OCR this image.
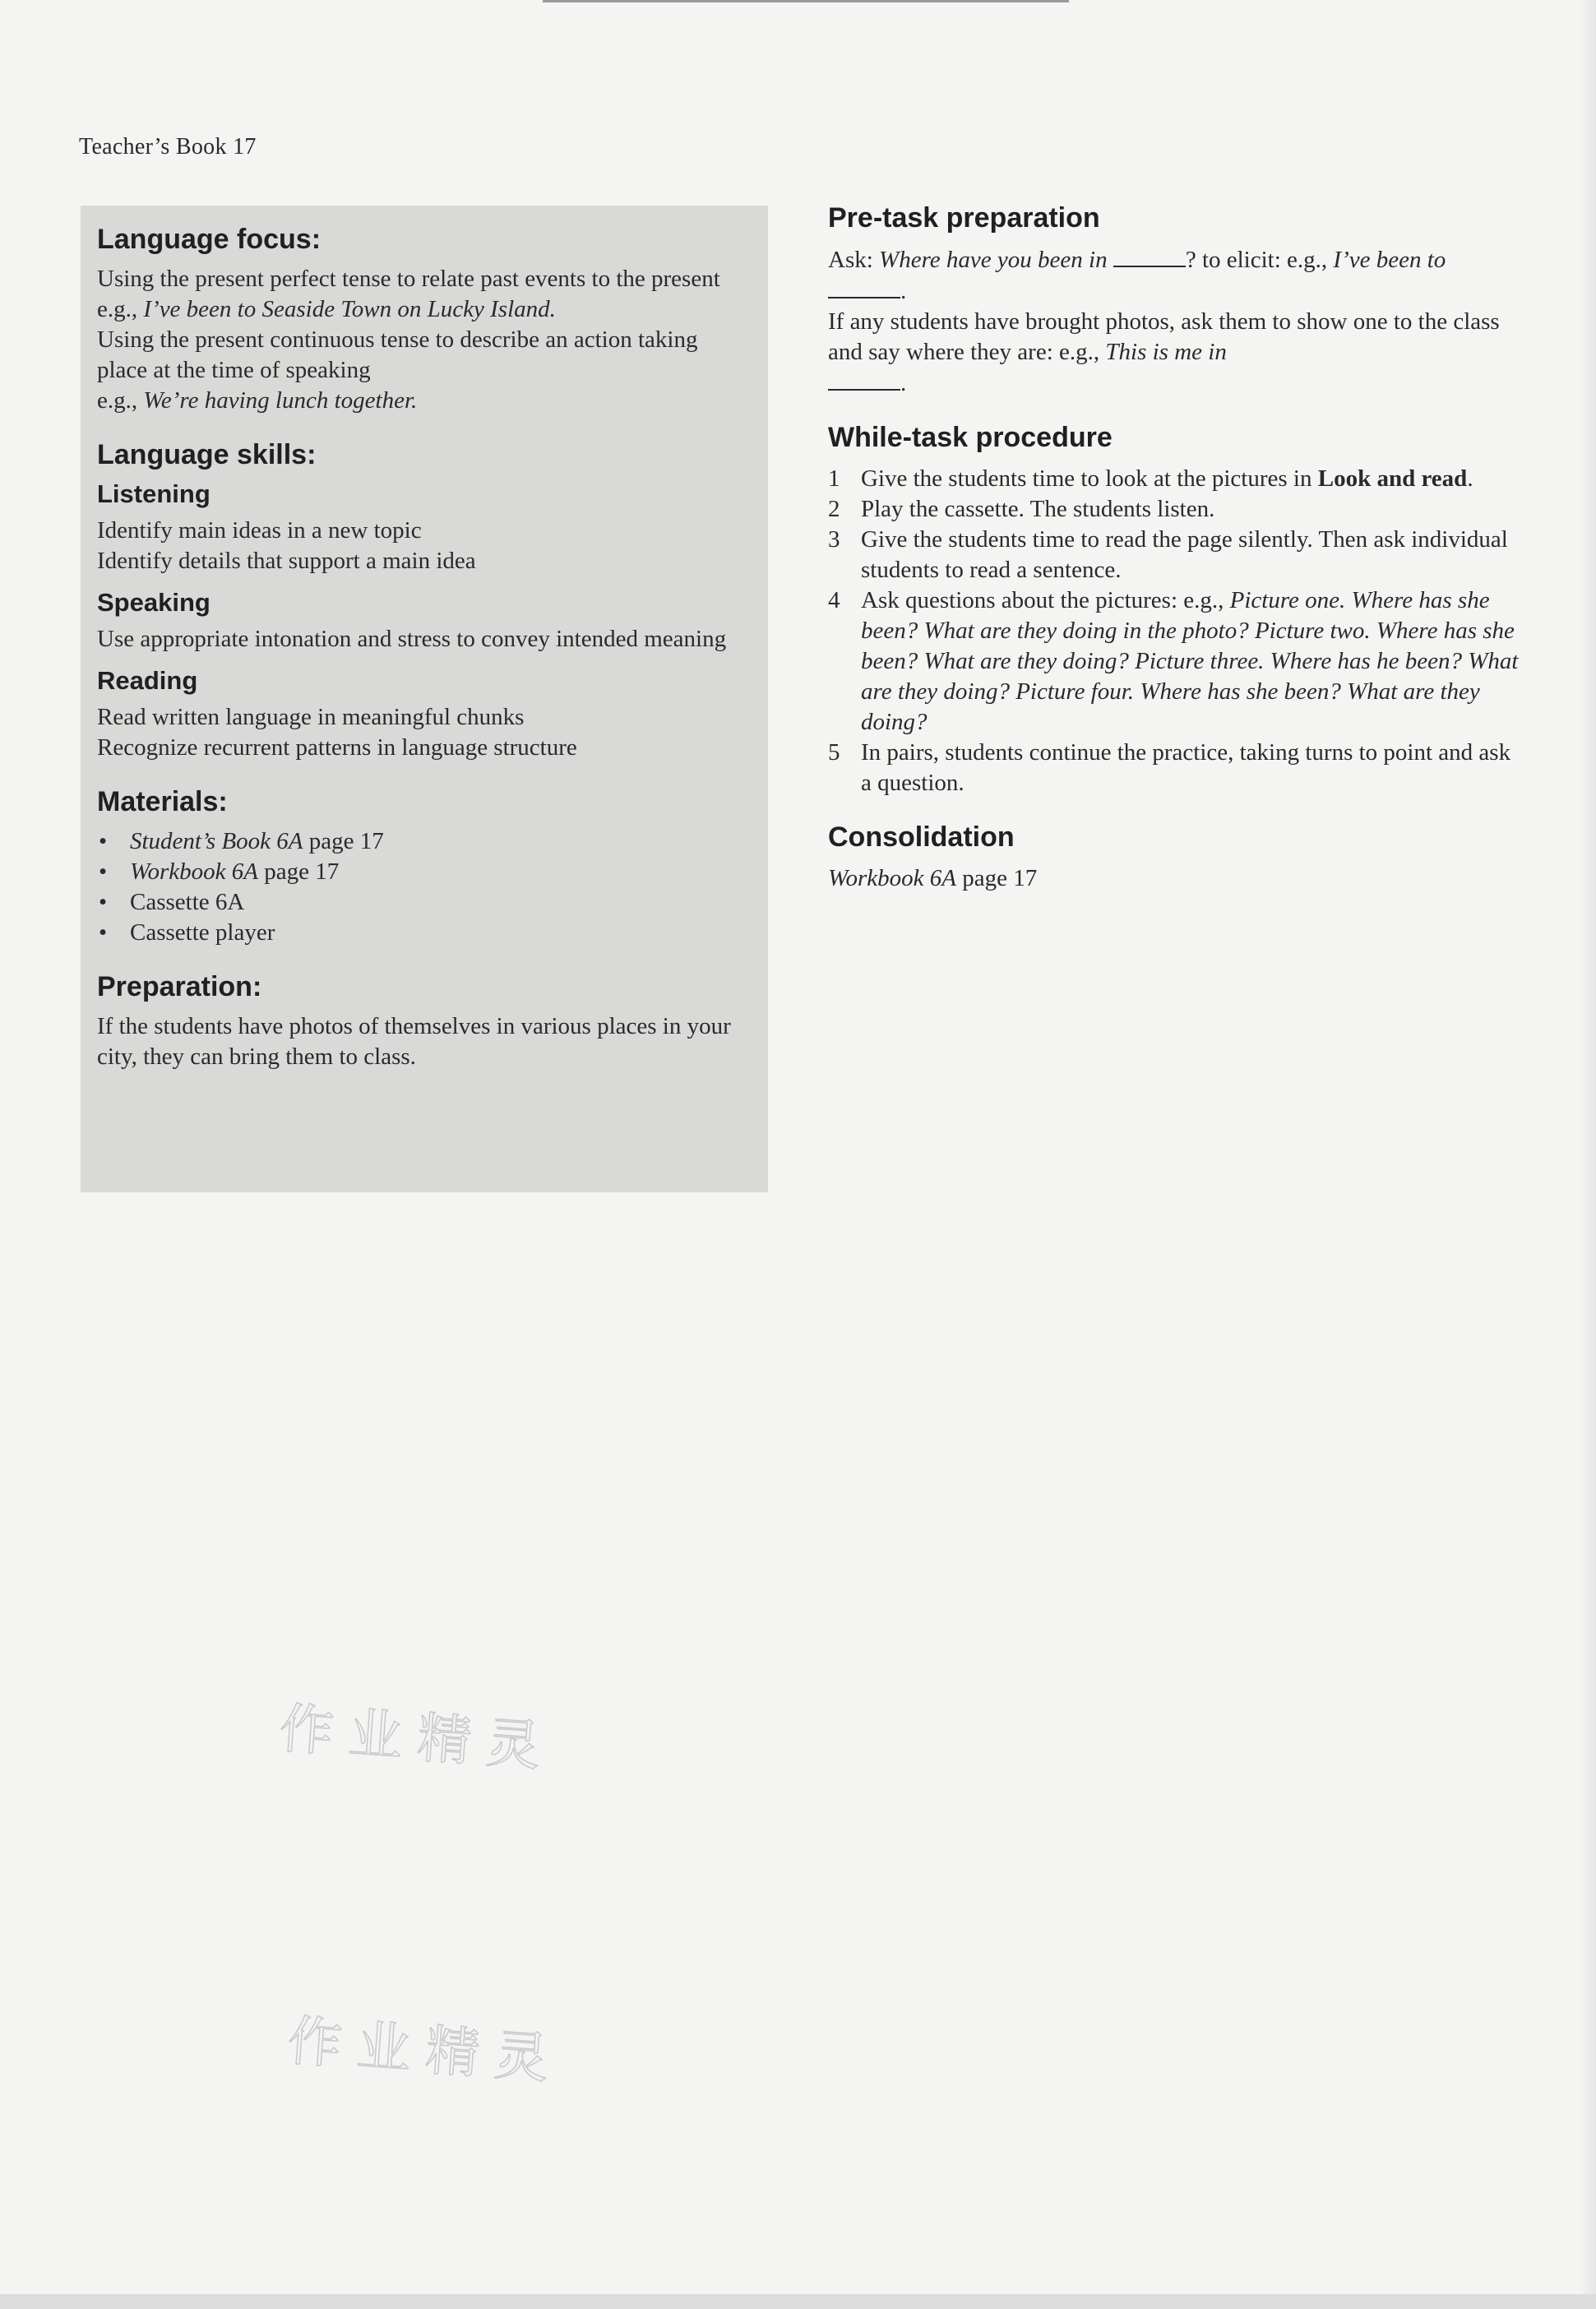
Teacher’s Book 17
Language focus:
Using the present perfect tense to relate past events to the present
e.g., I’ve been to Seaside Town on Lucky Island.
Using the present continuous tense to describe an action taking place at the time of speaking
e.g., We’re having lunch together.
Language skills:
Listening
Identify main ideas in a new topic
Identify details that support a main idea
Speaking
Use appropriate intonation and stress to convey intended meaning
Reading
Read written language in meaningful chunks
Recognize recurrent patterns in language structure
Materials:
• Student’s Book 6A page 17
• Workbook 6A page 17
• Cassette 6A
• Cassette player
Preparation:
If the students have photos of themselves in various places in your city, they can bring them to class.
Pre-task preparation
Ask: Where have you been in	? to elicit: e.g., I’ve been to
.
If any students have brought photos, ask them to show one to the class and say where they are: e.g., This is me in
.
While-task procedure
1 Give the students time to look at the pictures in Look and read.
2 Play the cassette. The students listen.
3 Give the students time to read the page silently. Then ask individual students to read a sentence.
4 Ask questions about the pictures: e.g., Picture one. Where has she been? What are they doing in the photo? Picture two. Where has she been? What are they doing? Picture three. Where has he been? What are they doing? Picture four. Where has she been? What are they doing?
5 In pairs, students continue the practice, taking turns to point and ask a question.
Consolidation
Workbook 6A page 17
作业精灵
作业精灵
